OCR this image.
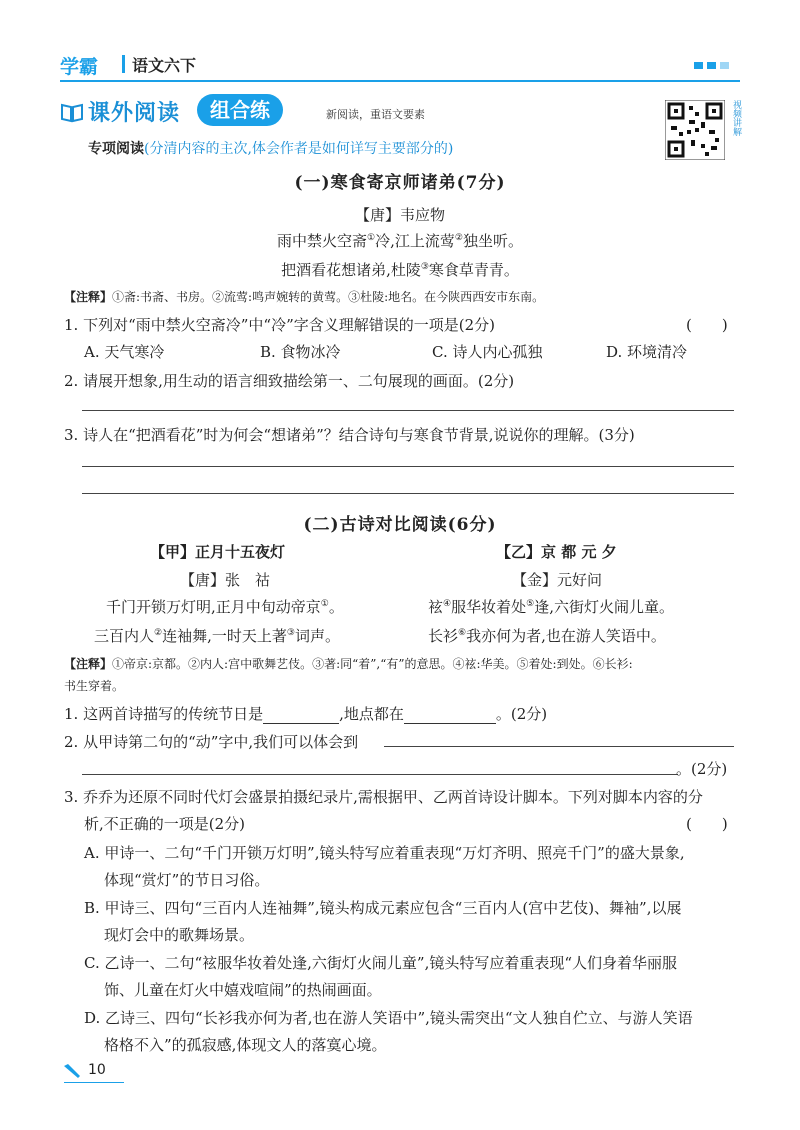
学霸 语文六下
课外阅读	组合练	新阅读，重语文要素	视频讲解
专项阅读(分清内容的主次,体会作者是如何详写主要部分的)
(一)寒食寄京师诸弟(7分)
【唐】韦应物
雨中禁火空斋①冷,江上流莺②独坐听。
把酒看花想诸弟,杜陵③寒食草青青。
【注释】①斋:书斋、书房。②流莺:鸣声婉转的黄莺。③杜陵:地名。在今陕西西安市东南。
1. 下列对“雨中禁火空斋冷”中“冷”字含义理解错误的一项是(2分)	(　　)
A. 天气寒冷	B. 食物冰冷	C. 诗人内心孤独	D. 环境清冷
2. 请展开想象,用生动的语言细致描绘第一、二句展现的画面。(2分)
3. 诗人在“把酒看花”时为何会“想诸弟”？结合诗句与寒食节背景,说说你的理解。(3分)
(二)古诗对比阅读(6分)
【甲】正月十五夜灯
【唐】张　祜
千门开锁万灯明,正月中旬动帝京①。
三百内人②连袖舞,一时天上著③词声。
【乙】京 都 元 夕
【金】元好问
袨④服华妆着处⑤逢,六街灯火闹儿童。
长衫⑥我亦何为者,也在游人笑语中。
【注释】①帝京:京都。②内人:宫中歌舞艺伎。③著:同“着”,“有”的意思。④袨:华美。⑤着处:到处。⑥长衫:
书生穿着。
1. 这两首诗描写的传统节日是	,地点都在	。(2分)
2. 从甲诗第二句的“动”字中,我们可以体会到
。(2分)
3. 乔乔为还原不同时代灯会盛景拍摄纪录片,需根据甲、乙两首诗设计脚本。下列对脚本内容的分
析,不正确的一项是(2分)	(　　)
A. 甲诗一、二句“千门开锁万灯明”,镜头特写应着重表现“万灯齐明、照亮千门”的盛大景象,
体现“赏灯”的节日习俗。
B. 甲诗三、四句“三百内人连袖舞”,镜头构成元素应包含“三百内人(宫中艺伎)、舞袖”,以展
现灯会中的歌舞场景。
C. 乙诗一、二句“袨服华妆着处逢,六街灯火闹儿童”,镜头特写应着重表现“人们身着华丽服
饰、儿童在灯火中嬉戏喧闹”的热闹画面。
D. 乙诗三、四句“长衫我亦何为者,也在游人笑语中”,镜头需突出“文人独自伫立、与游人笑语
格格不入”的孤寂感,体现文人的落寞心境。
10
